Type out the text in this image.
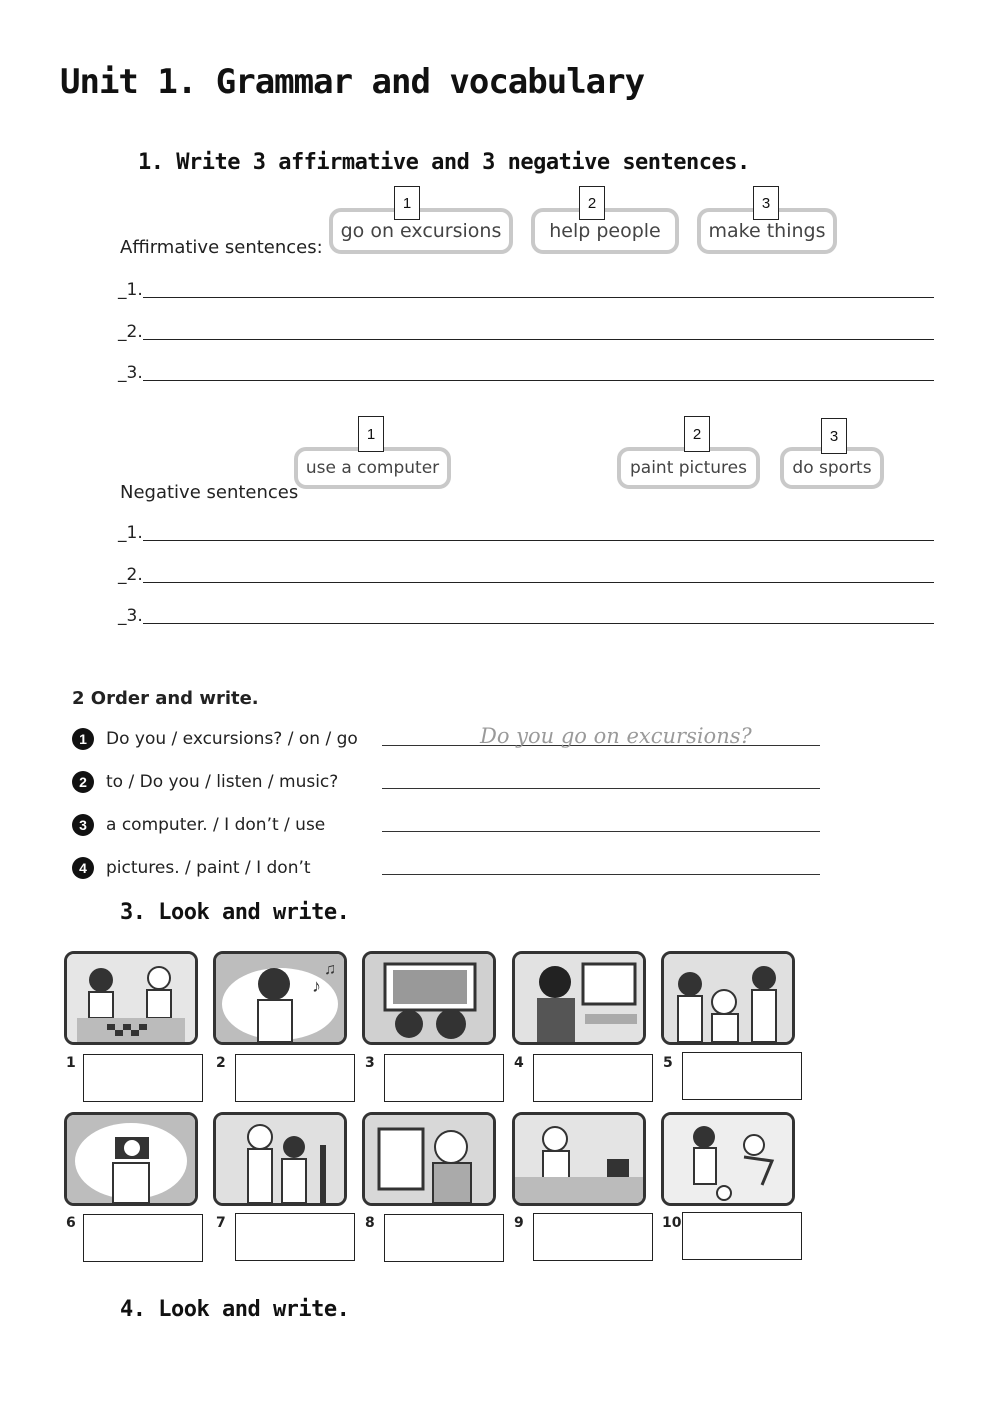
Unit 1. Grammar and vocabulary
1. Write 3 affirmative and 3 negative sentences.
Affirmative sentences:
go on excursions
1
help people
2
make things
3
_1.
_2.
_3.
use a computer
1
paint pictures
2
do sports
3
Negative sentences
_1.
_2.
_3.
2 Order and write.
1	Do you / excursions? / on / go	Do you go on excursions?
2	to / Do you / listen / music?
3	a computer. / I don’t / use
4	pictures. / paint / I don’t
3. Look and write.
♪
♫
1	2	3	4	5
6	7	8	9	10
4. Look and write.
